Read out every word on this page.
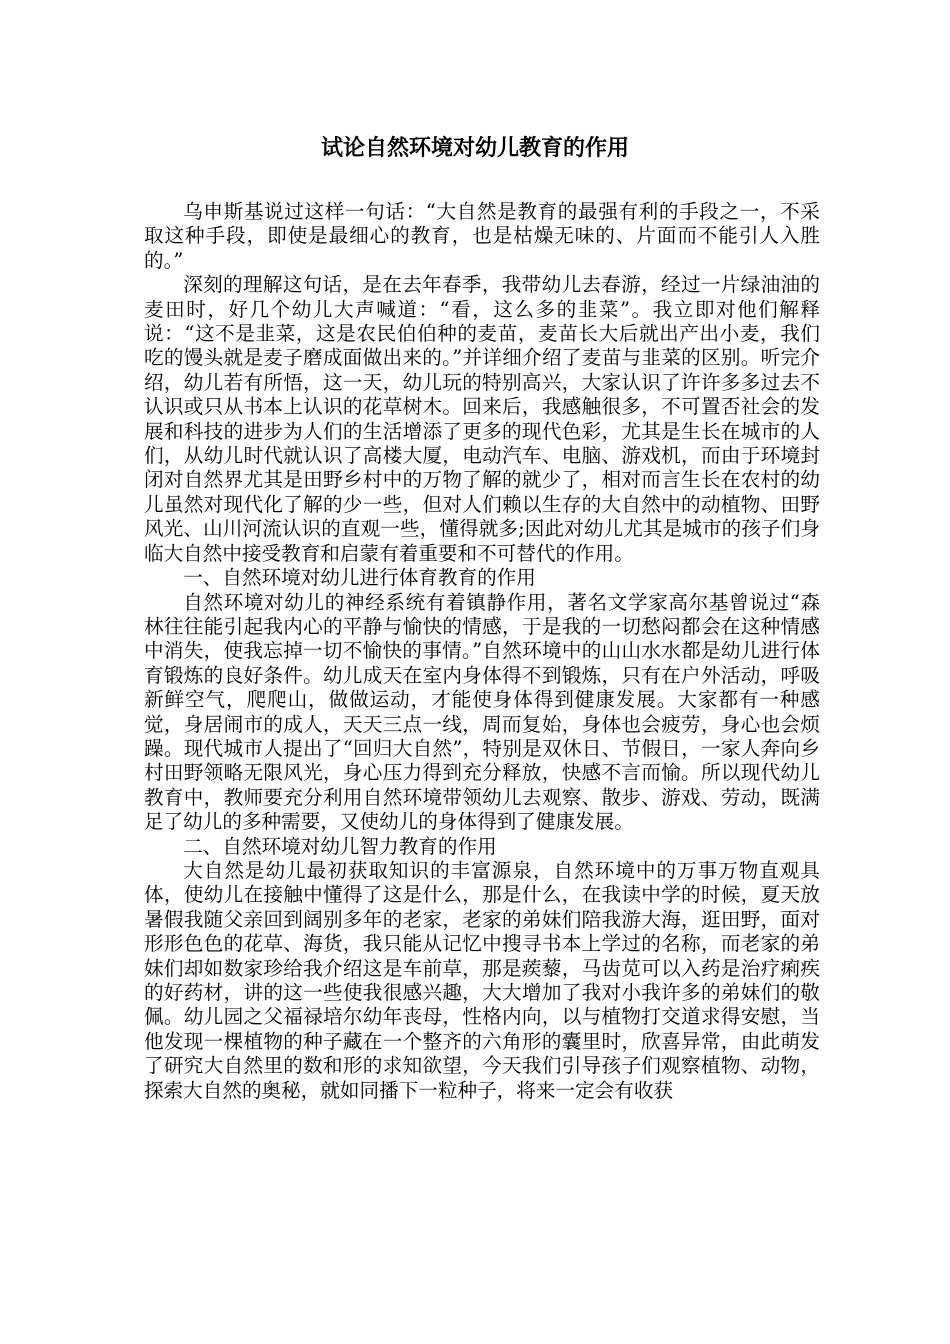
试论自然环境对幼儿教育的作用

乌申斯基说过这样一句话：“大自然是教育的最强有利的手段之一，不采取这种手段，即使是最细心的教育，也是枯燥无味的、片面而不能引人入胜的。”

深刻的理解这句话，是在去年春季，我带幼儿去春游，经过一片绿油油的麦田时，好几个幼儿大声喊道：“看，这么多的韭菜”。我立即对他们解释说：“这不是韭菜，这是农民伯伯种的麦苗，麦苗长大后就出产出小麦，我们吃的馒头就是麦子磨成面做出来的。”并详细介绍了麦苗与韭菜的区别。听完介绍，幼儿若有所悟，这一天，幼儿玩的特别高兴，大家认识了许许多多过去不认识或只从书本上认识的花草树木。回来后，我感触很多，不可置否社会的发展和科技的进步为人们的生活增添了更多的现代色彩，尤其是生长在城市的人们，从幼儿时代就认识了高楼大厦，电动汽车、电脑、游戏机，而由于环境封闭对自然界尤其是田野乡村中的万物了解的就少了，相对而言生长在农村的幼儿虽然对现代化了解的少一些，但对人们赖以生存的大自然中的动植物、田野风光、山川河流认识的直观一些，懂得就多;因此对幼儿尤其是城市的孩子们身临大自然中接受教育和启蒙有着重要和不可替代的作用。

一、自然环境对幼儿进行体育教育的作用

自然环境对幼儿的神经系统有着镇静作用，著名文学家高尔基曾说过“森林往往能引起我内心的平静与愉快的情感，于是我的一切愁闷都会在这种情感中消失，使我忘掉一切不愉快的事情。”自然环境中的山山水水都是幼儿进行体育锻炼的良好条件。幼儿成天在室内身体得不到锻炼，只有在户外活动，呼吸新鲜空气，爬爬山，做做运动，才能使身体得到健康发展。大家都有一种感觉，身居闹市的成人，天天三点一线，周而复始，身体也会疲劳，身心也会烦躁。现代城市人提出了“回归大自然”，特别是双休日、节假日，一家人奔向乡村田野领略无限风光，身心压力得到充分释放，快感不言而愉。所以现代幼儿教育中，教师要充分利用自然环境带领幼儿去观察、散步、游戏、劳动，既满足了幼儿的多种需要，又使幼儿的身体得到了健康发展。

二、自然环境对幼儿智力教育的作用

大自然是幼儿最初获取知识的丰富源泉，自然环境中的万事万物直观具体，使幼儿在接触中懂得了这是什么，那是什么，在我读中学的时候，夏天放暑假我随父亲回到阔别多年的老家，老家的弟妹们陪我游大海，逛田野，面对形形色色的花草、海货，我只能从记忆中搜寻书本上学过的名称，而老家的弟妹们却如数家珍给我介绍这是车前草，那是蒺藜，马齿苋可以入药是治疗痢疾的好药材，讲的这一些使我很感兴趣，大大增加了我对小我许多的弟妹们的敬佩。幼儿园之父福禄培尔幼年丧母，性格内向，以与植物打交道求得安慰，当他发现一棵植物的种子藏在一个整齐的六角形的囊里时，欣喜异常，由此萌发了研究大自然里的数和形的求知欲望，今天我们引导孩子们观察植物、动物，探索大自然的奥秘，就如同播下一粒种子，将来一定会有收获
